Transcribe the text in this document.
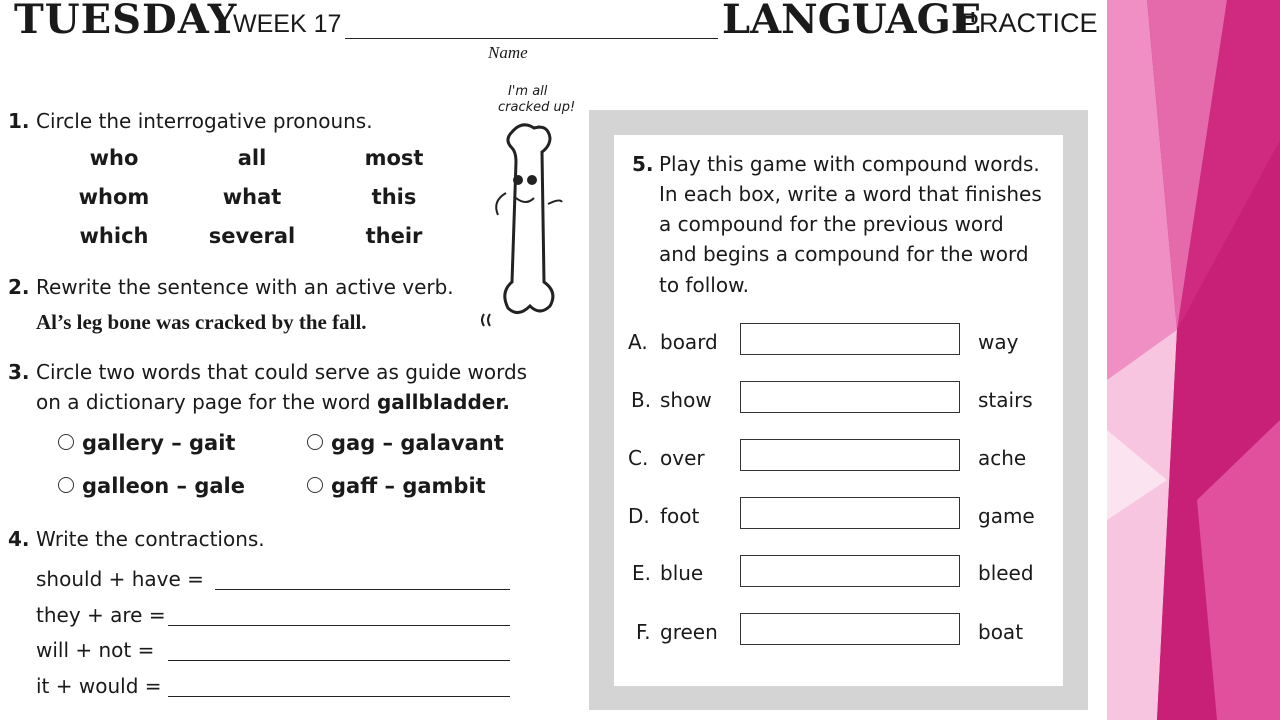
TUESDAY
WEEK 17
Name
LANGUAGE
PRACTICE
1. Circle the interrogative pronouns.
who	all	most
whom	what	this
which	several	their
I'm all
cracked up!
2. Rewrite the sentence with an active verb.
Al’s leg bone was cracked by the fall.
3. Circle two words that could serve as guide words
on a dictionary page for the word gallbladder.
gallery – gait	gag – galavant
galleon – gale	gaff – gambit
4. Write the contractions.
should + have =
they + are =
will + not =
it + would =
5. Play this game with compound words.
In each box, write a word that finishes
a compound for the previous word
and begins a compound for the word
to follow.
A. board	way
B. show	stairs
C. over	ache
D. foot	game
E. blue	bleed
F. green	boat
